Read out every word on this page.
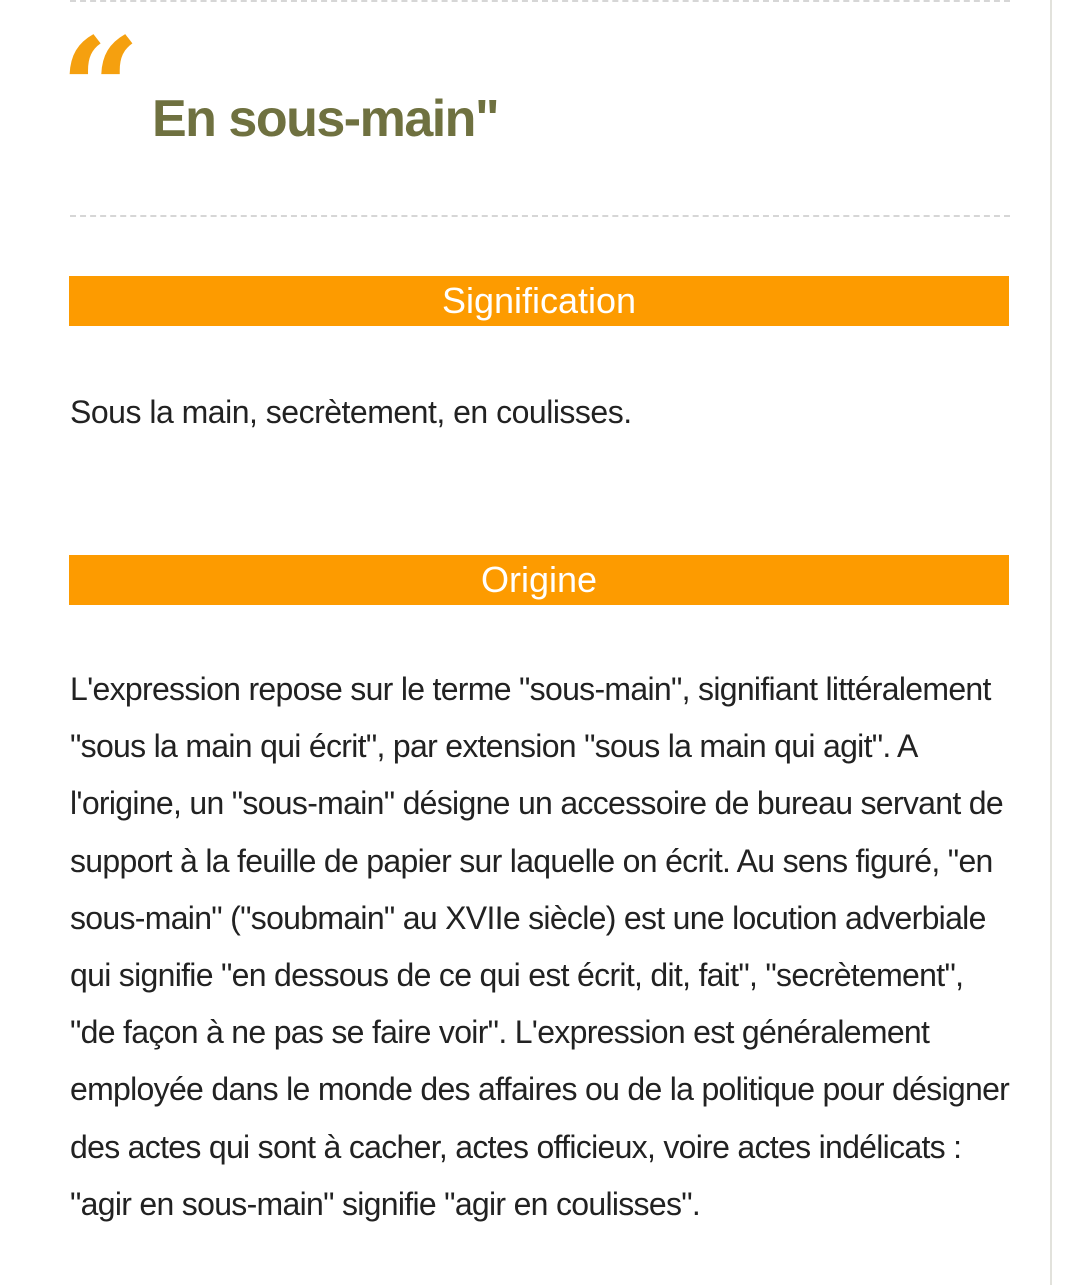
“ En sous-main"
Signification
Sous la main, secrètement, en coulisses.
Origine

L'expression repose sur le terme "sous-main", signifiant littéralement "sous la main qui écrit", par extension "sous la main qui agit". A l'origine, un "sous-main" désigne un accessoire de bureau servant de support à la feuille de papier sur laquelle on écrit. Au sens figuré, "en sous-main" ("soubmain" au XVIIe siècle) est une locution adverbiale qui signifie "en dessous de ce qui est écrit, dit, fait", "secrètement", "de façon à ne pas se faire voir". L'expression est généralement employée dans le monde des affaires ou de la politique pour désigner des actes qui sont à cacher, actes officieux, voire actes indélicats : "agir en sous-main" signifie "agir en coulisses".
